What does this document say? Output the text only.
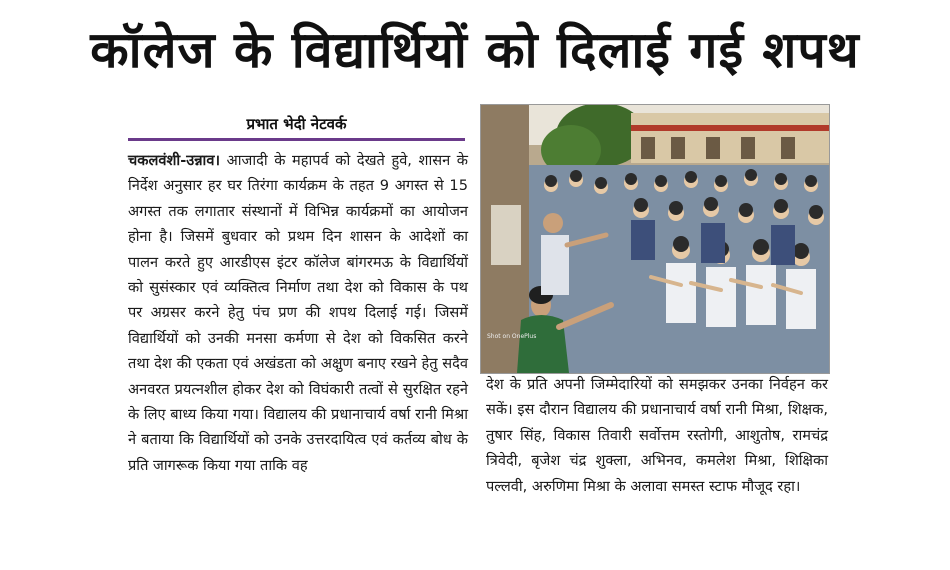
कॉलेज के विद्यार्थियों को दिलाई गई शपथ
प्रभात भेदी नेटवर्क

चकलवंशी-उन्नाव। आजादी के महापर्व को देखते हुवे, शासन के निर्देश अनुसार हर घर तिरंगा कार्यक्रम के तहत 9 अगस्त से 15 अगस्त तक लगातार संस्थानों में विभिन्न कार्यक्रमों का आयोजन होना है। जिसमें बुधवार को प्रथम दिन शासन के आदेशों का पालन करते हुए आरडीएस इंटर कॉलेज बांगरमऊ के विद्यार्थियों को सुसंस्कार एवं व्यक्तित्व निर्माण तथा देश को विकास के पथ पर अग्रसर करने हेतु पंच प्रण की शपथ दिलाई गई। जिसमें विद्यार्थियों को उनकी मनसा कर्मणा से देश को विकसित करने तथा देश की एकता एवं अखंडता को अक्षुण बनाए रखने हेतु सदैव अनवरत प्रयत्नशील होकर देश को विघंकारी तत्वों से सुरक्षित रहने के लिए बाध्य किया गया। विद्यालय की प्रधानाचार्य वर्षा रानी मिश्रा ने बताया कि विद्यार्थियों को उनके उत्तरदायित्व एवं कर्तव्य बोध के प्रति जागरूक किया गया ताकि वह

Shot on OnePlus

देश के प्रति अपनी जिम्मेदारियों को समझकर उनका निर्वहन कर सकें। इस दौरान विद्यालय की प्रधानाचार्य वर्षा रानी मिश्रा, शिक्षक, तुषार सिंह, विकास तिवारी सर्वोत्तम रस्तोगी, आशुतोष, रामचंद्र त्रिवेदी, बृजेश चंद्र शुक्ला, अभिनव, कमलेश मिश्रा, शिक्षिका पल्लवी, अरुणिमा मिश्रा के अलावा समस्त स्टाफ मौजूद रहा।
